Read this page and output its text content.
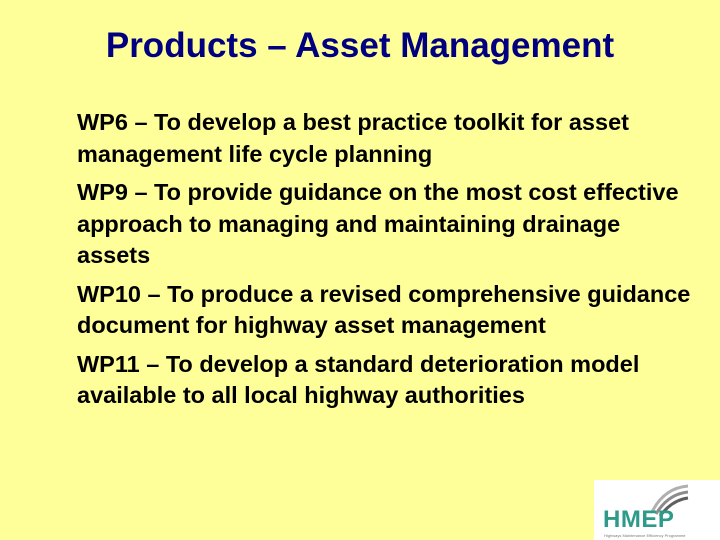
Products – Asset Management
WP6 – To develop a best practice toolkit for asset management life cycle planning
WP9 – To provide guidance on the most cost effective approach to managing and maintaining drainage assets
WP10 – To produce a revised comprehensive guidance document for highway asset management
WP11 – To develop a standard deterioration model available to all local highway authorities
HMEP
Highways Maintenance Efficiency Programme
